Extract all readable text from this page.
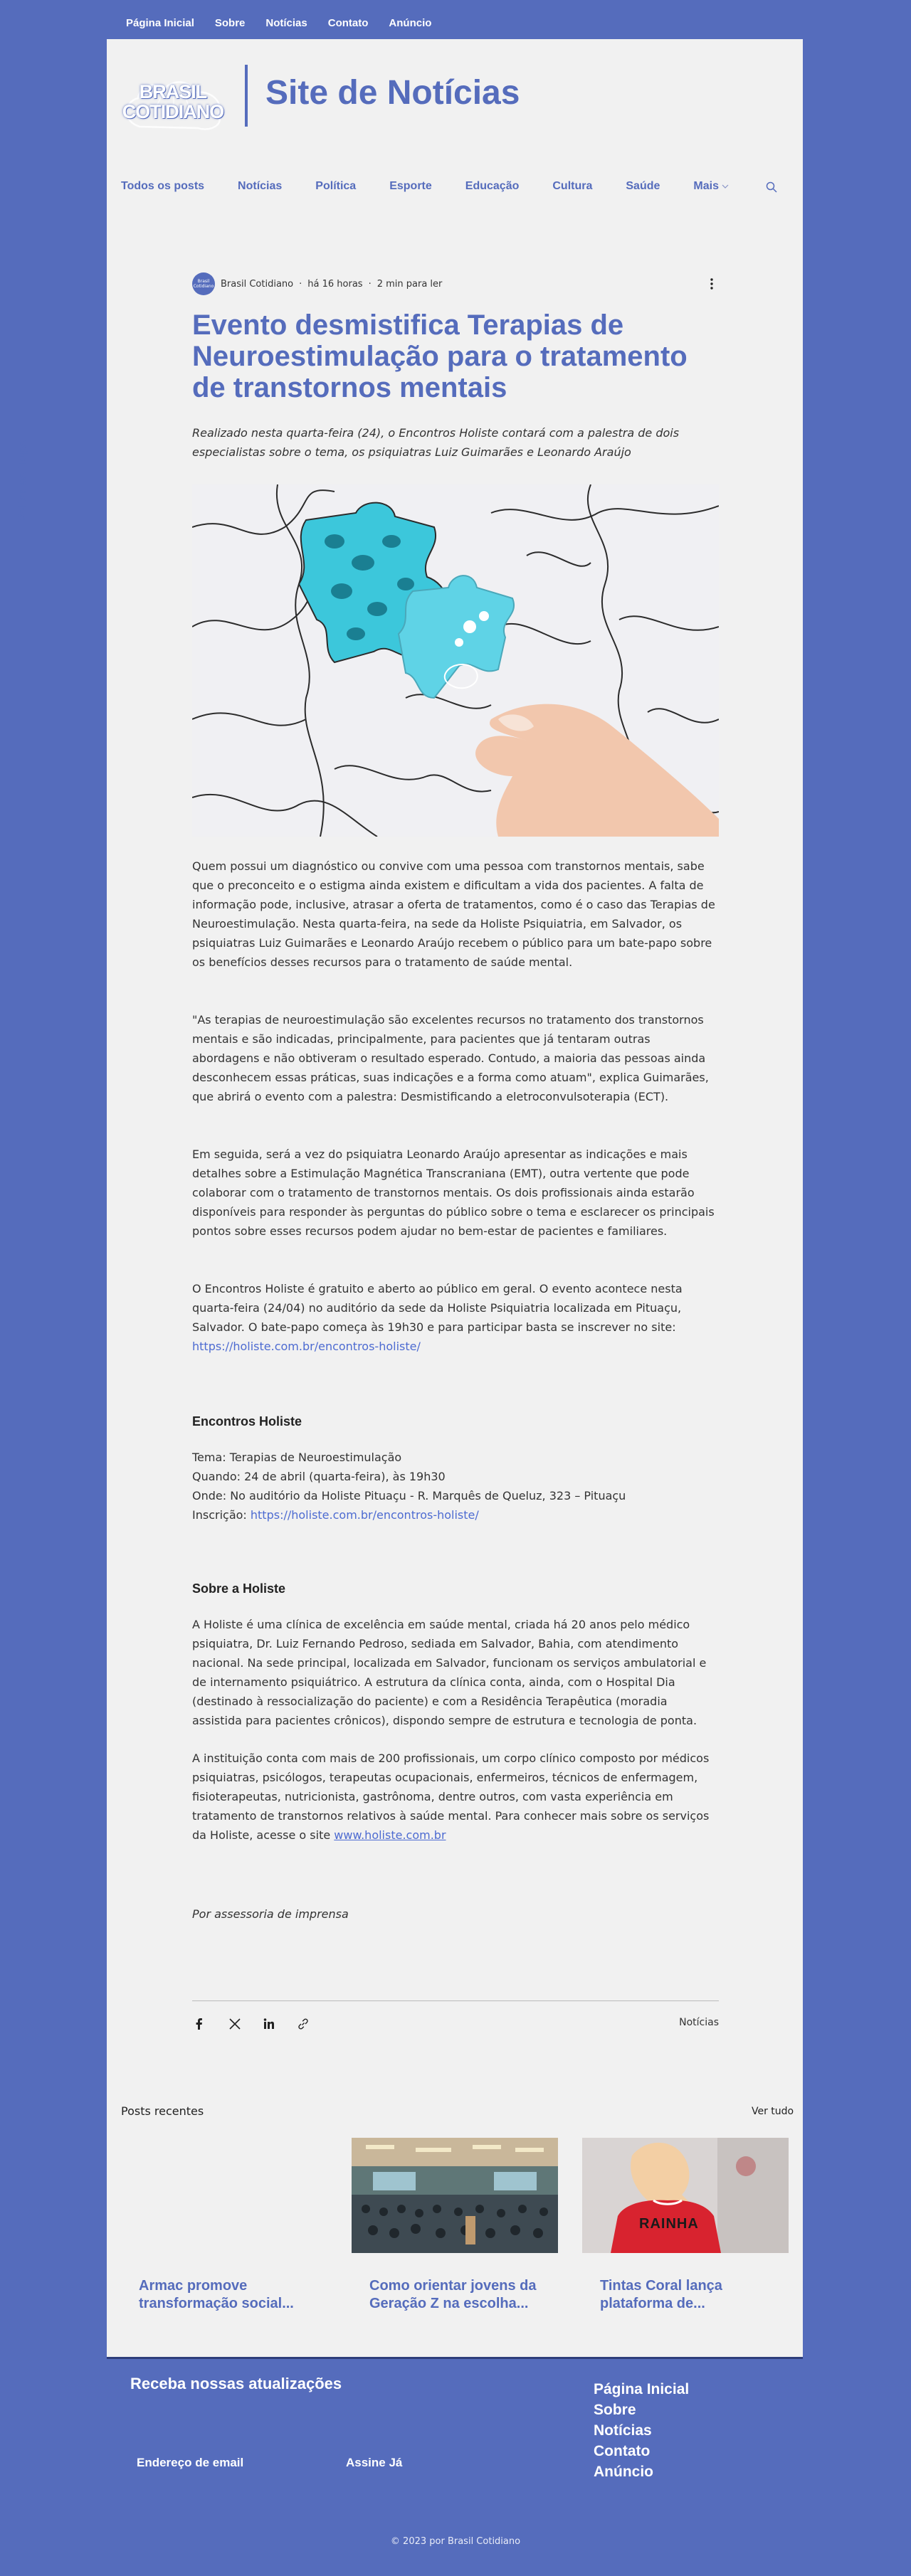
Página Inicial Sobre Notícias Contato Anúncio
BRASIL
COTIDIANO Site de Notícias
Todos os posts	Notícias	Política	Esporte	Educação	Cultura	Saúde	Mais
Voltar ao Topo
Brasil Cotidiano Brasil Cotidiano · há 16 horas · 2 min para ler
Evento desmistifica Terapias de Neuroestimulação para o tratamento de transtornos mentais

Realizado nesta quarta-feira (24), o Encontros Holiste contará com a palestra de dois especialistas sobre o tema, os psiquiatras Luiz Guimarães e Leonardo Araújo

Quem possui um diagnóstico ou convive com uma pessoa com transtornos mentais, sabe que o preconceito e o estigma ainda existem e dificultam a vida dos pacientes. A falta de informação pode, inclusive, atrasar a oferta de tratamentos, como é o caso das Terapias de Neuroestimulação. Nesta quarta-feira, na sede da Holiste Psiquiatria, em Salvador, os psiquiatras Luiz Guimarães e Leonardo Araújo recebem o público para um bate-papo sobre os benefícios desses recursos para o tratamento de saúde mental.

"As terapias de neuroestimulação são excelentes recursos no tratamento dos transtornos mentais e são indicadas, principalmente, para pacientes que já tentaram outras abordagens e não obtiveram o resultado esperado. Contudo, a maioria das pessoas ainda desconhecem essas práticas, suas indicações e a forma como atuam", explica Guimarães, que abrirá o evento com a palestra: Desmistificando a eletroconvulsoterapia (ECT).

Em seguida, será a vez do psiquiatra Leonardo Araújo apresentar as indicações e mais detalhes sobre a Estimulação Magnética Transcraniana (EMT), outra vertente que pode colaborar com o tratamento de transtornos mentais. Os dois profissionais ainda estarão disponíveis para responder às perguntas do público sobre o tema e esclarecer os principais pontos sobre esses recursos podem ajudar no bem-estar de pacientes e familiares.

O Encontros Holiste é gratuito e aberto ao público em geral. O evento acontece nesta quarta-feira (24/04) no auditório da sede da Holiste Psiquiatria localizada em Pituaçu, Salvador. O bate-papo começa às 19h30 e para participar basta se inscrever no site:
https://holiste.com.br/encontros-holiste/

Encontros Holiste
Tema: Terapias de Neuroestimulação
Quando: 24 de abril (quarta-feira), às 19h30
Onde: No auditório da Holiste Pituaçu - R. Marquês de Queluz, 323 – Pituaçu
Inscrição: https://holiste.com.br/encontros-holiste/
Sobre a Holiste

A Holiste é uma clínica de excelência em saúde mental, criada há 20 anos pelo médico psiquiatra, Dr. Luiz Fernando Pedroso, sediada em Salvador, Bahia, com atendimento nacional. Na sede principal, localizada em Salvador, funcionam os serviços ambulatorial e de internamento psiquiátrico. A estrutura da clínica conta, ainda, com o Hospital Dia (destinado à ressocialização do paciente) e com a Residência Terapêutica (moradia assistida para pacientes crônicos), dispondo sempre de estrutura e tecnologia de ponta.

A instituição conta com mais de 200 profissionais, um corpo clínico composto por médicos psiquiatras, psicólogos, terapeutas ocupacionais, enfermeiros, técnicos de enfermagem, fisioterapeutas, nutricionista, gastrônoma, dentre outros, com vasta experiência em tratamento de transtornos relativos à saúde mental. Para conhecer mais sobre os serviços da Holiste, acesse o site www.holiste.com.br

Por assessoria de imprensa

Notícias
Posts recentes	Ver tudo
Armac promove transformação social...
Como orientar jovens da Geração Z na escolha...
RAINHA
Tintas Coral lança plataforma de...
Receba nossas atualizações
Endereço de email	Assine Já
Página Inicial
Sobre
Notícias
Contato
Anúncio
© 2023 por Brasil Cotidiano
